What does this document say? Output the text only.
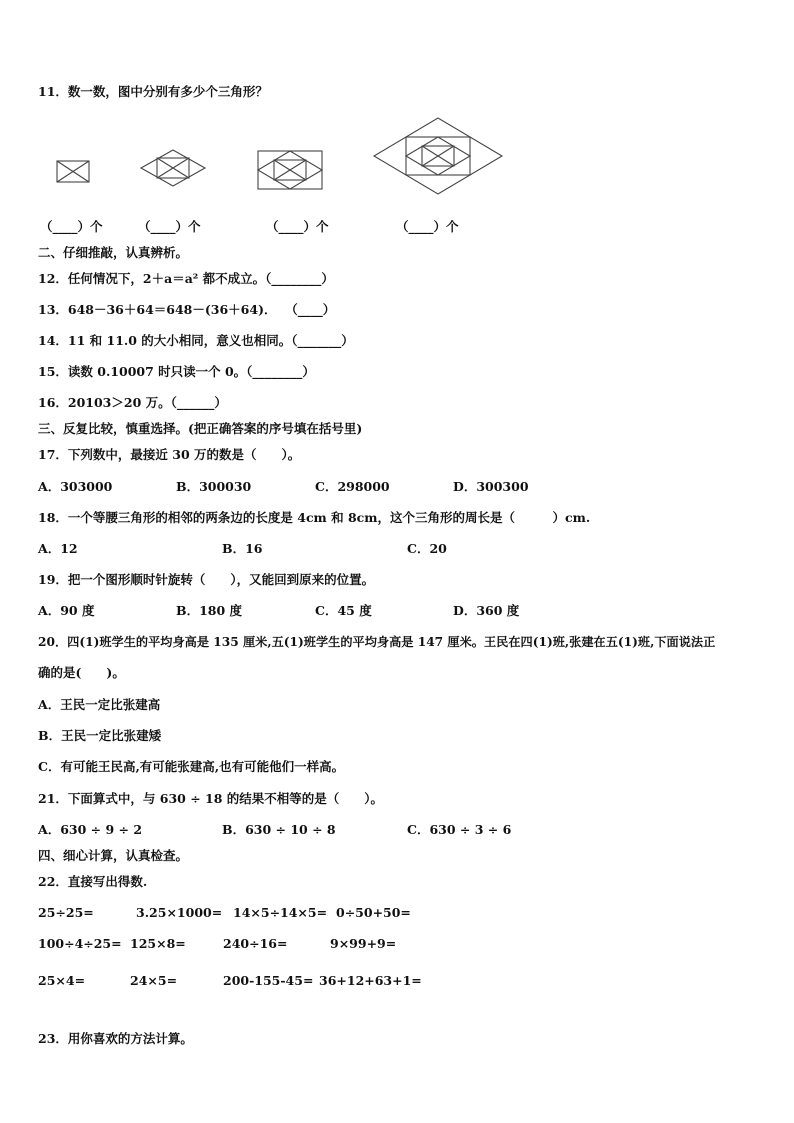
11．数一数，图中分别有多少个三角形？
（____）个	（____）个	（____）个	（____）个
二、仔细推敲，认真辨析。
12．任何情况下，2＋a＝a² 都不成立。（________）
13．648－36＋64＝648－(36＋64)．  （____）
14．11 和 11.0 的大小相同，意义也相同。（_______）
15．读数 0.10007 时只读一个 0。（________）
16．20103＞20 万。（______）
三、反复比较，慎重选择。(把正确答案的序号填在括号里)
17．下列数中，最接近 30 万的数是（　　）。
A．303000	B．300030	C．298000	D．300300
18．一个等腰三角形的相邻的两条边的长度是 4cm 和 8cm，这个三角形的周长是（　　　）cm.
A．12	B．16	C．20
19．把一个图形顺时针旋转（　　），又能回到原来的位置。
A．90 度	B．180 度	C．45 度	D．360 度
20．四(1)班学生的平均身高是 135 厘米,五(1)班学生的平均身高是 147 厘米。王民在四(1)班,张建在五(1)班,下面说法正
确的是(　　)。
A．王民一定比张建高
B．王民一定比张建矮
C．有可能王民高,有可能张建高,也有可能他们一样高。
21．下面算式中，与 630 ÷ 18 的结果不相等的是（　　）。
A．630 ÷ 9 ÷ 2	B．630 ÷ 10 ÷ 8	C．630 ÷ 3 ÷ 6
四、细心计算，认真检查。
22．直接写出得数.
25÷25=	3.25×1000= 14×5÷14×5= 0÷50+50=
100÷4÷25= 125×8=	240÷16=	9×99+9=
25×4=	24×5=	200-155-45= 36+12+63+1=
23．用你喜欢的方法计算。
